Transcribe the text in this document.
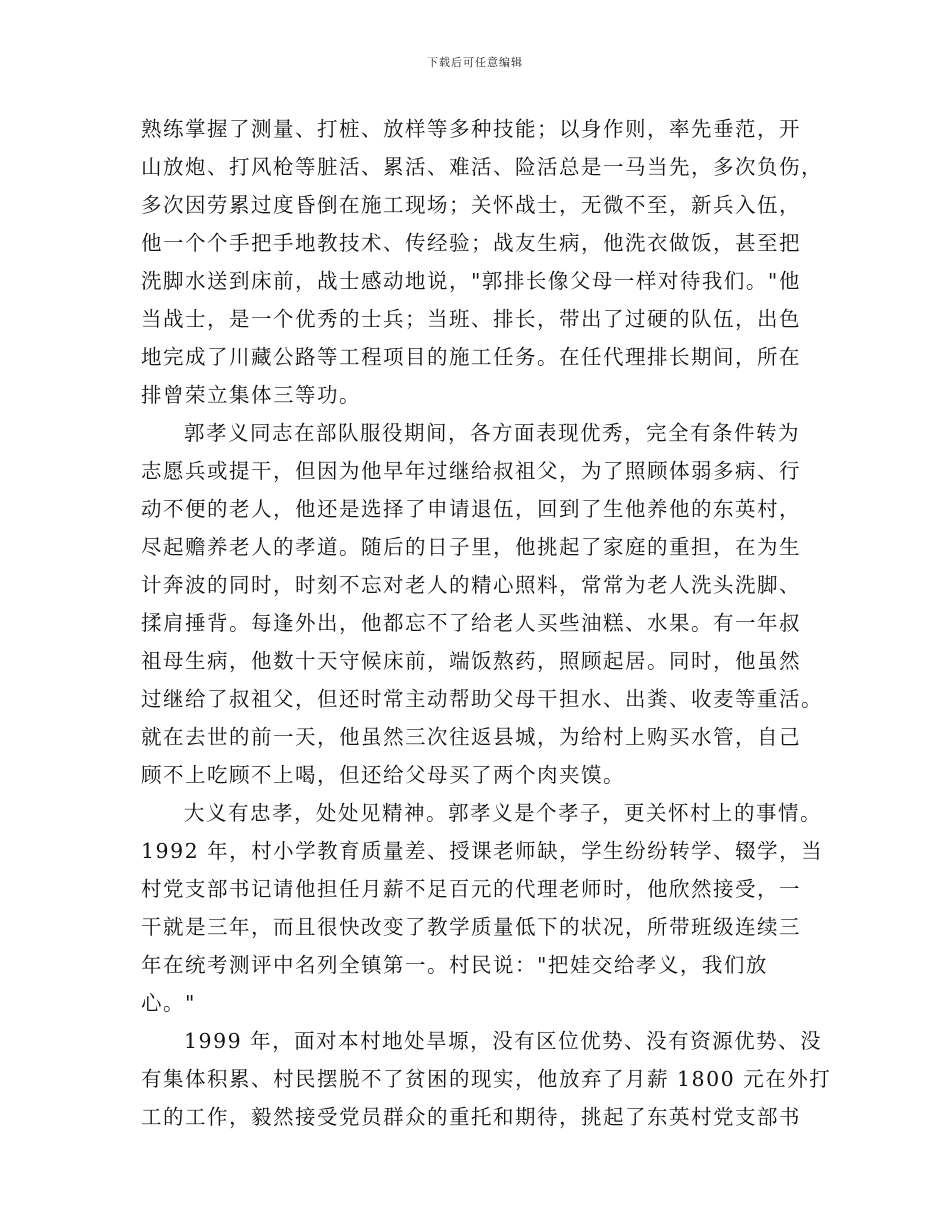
下载后可任意编辑
熟练掌握了测量、打桩、放样等多种技能；以身作则，率先垂范，开
山放炮、打风枪等脏活、累活、难活、险活总是一马当先，多次负伤，
多次因劳累过度昏倒在施工现场；关怀战士，无微不至，新兵入伍，
他一个个手把手地教技术、传经验；战友生病，他洗衣做饭，甚至把
洗脚水送到床前，战士感动地说，"郭排长像父母一样对待我们。"他
当战士，是一个优秀的士兵；当班、排长，带出了过硬的队伍，出色
地完成了川藏公路等工程项目的施工任务。在任代理排长期间，所在
排曾荣立集体三等功。
郭孝义同志在部队服役期间，各方面表现优秀，完全有条件转为
志愿兵或提干，但因为他早年过继给叔祖父，为了照顾体弱多病、行
动不便的老人，他还是选择了申请退伍，回到了生他养他的东英村，
尽起赡养老人的孝道。随后的日子里，他挑起了家庭的重担，在为生
计奔波的同时，时刻不忘对老人的精心照料，常常为老人洗头洗脚、
揉肩捶背。每逢外出，他都忘不了给老人买些油糕、水果。有一年叔
祖母生病，他数十天守候床前，端饭熬药，照顾起居。同时，他虽然
过继给了叔祖父，但还时常主动帮助父母干担水、出粪、收麦等重活。
就在去世的前一天，他虽然三次往返县城，为给村上购买水管，自己
顾不上吃顾不上喝，但还给父母买了两个肉夹馍。
大义有忠孝，处处见精神。郭孝义是个孝子，更关怀村上的事情。
1992 年，村小学教育质量差、授课老师缺，学生纷纷转学、辍学，当
村党支部书记请他担任月薪不足百元的代理老师时，他欣然接受，一
干就是三年，而且很快改变了教学质量低下的状况，所带班级连续三
年在统考测评中名列全镇第一。村民说："把娃交给孝义，我们放
心。"
1999 年，面对本村地处旱塬，没有区位优势、没有资源优势、没
有集体积累、村民摆脱不了贫困的现实，他放弃了月薪 1800 元在外打
工的工作，毅然接受党员群众的重托和期待，挑起了东英村党支部书
